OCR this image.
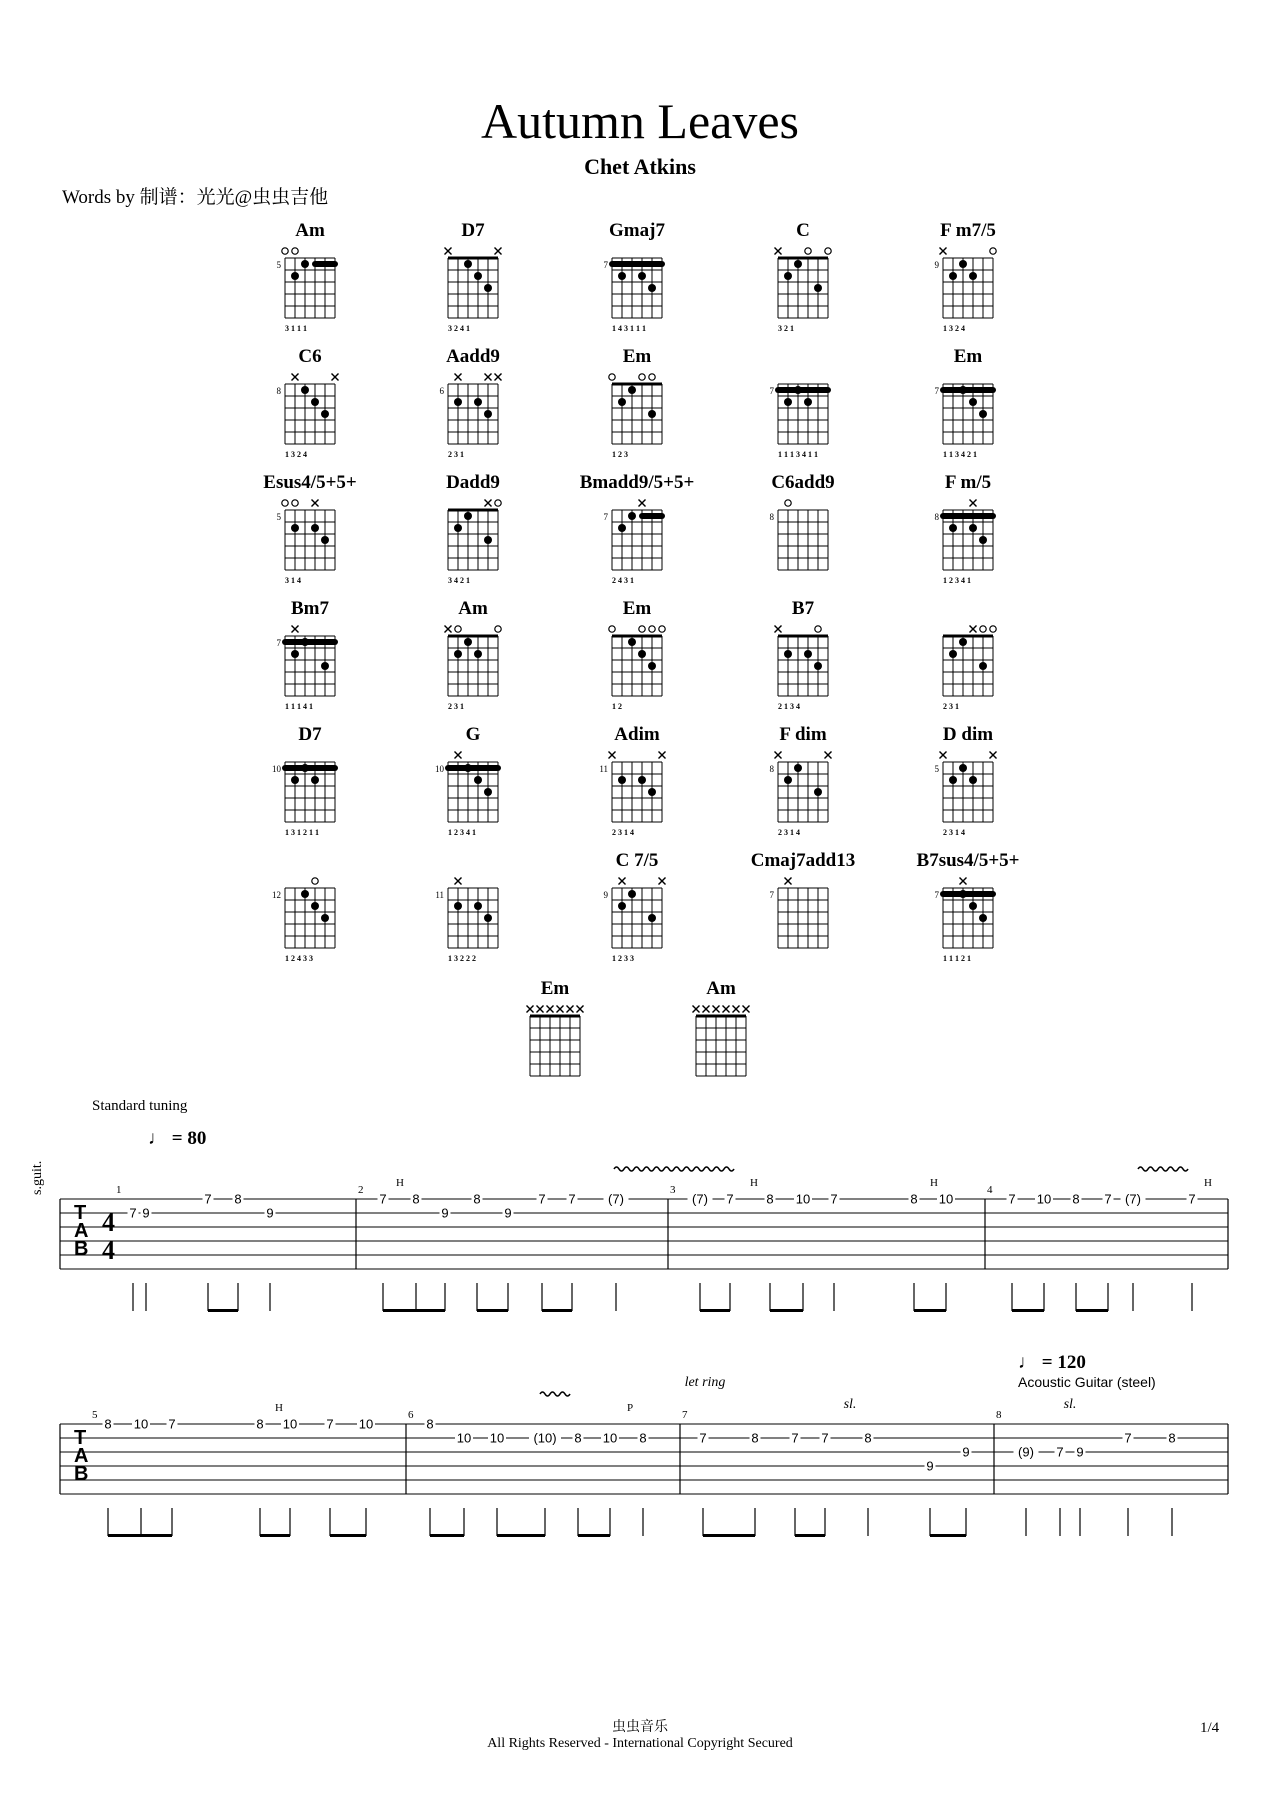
Autumn Leaves
Chet Atkins
Words by 制谱：光光@虫虫吉他
Am
5
3 1 1 1
D7
3 2 4 1
Gmaj7
7
1 4 3 1 1 1
C
3 2 1
F m7/5
9
1 3 2 4
C6
8
1 3 2 4
Aadd9
6
2 3 1
Em
1 2 3
7
1 1 1 3 4 1 1
Em
7
1 1 3 4 2 1
Esus4/5+5+
5
3 1 4
Dadd9
3 4 2 1
Bmadd9/5+5+
7
2 4 3 1
C6add9
8
F m/5
8
1 2 3 4 1
Bm7
7
1 1 1 4 1
Am
2 3 1
Em
1 2
B7
2 1 3 4	2 3 1
D7
10
1 3 1 2 1 1
G
10
1 2 3 4 1
Adim
11
2 3 1 4
F dim
8
2 3 1 4
D dim
5
2 3 1 4
12
1 2 4 3 3
11
1 3 2 2 2
C 7/5
9
1 2 3 3
Cmaj7add13
7
B7sus4/5+5+
7
1 1 1 2 1
Em	Am
Standard tuning
♩ = 80
♩ = 120
Acoustic Guitar (steel)
s.guit.
T
A
B
T
A
B
4
4
1	2	3	4
5	6	7	8
7 9
7 8
9
7 8
9
8
9
7 7 (7)	(7) 7	8 10 7	8 10	7 10 8 7 (7)	7
8 10 7	8 10 7 10	8
10 10 (10) 8 10 8	7	8	7 7	8
9
9	(9) 7 9
7	8
H	H	H	H
H	P
let ring
sl.	sl.
虫虫音乐
All Rights Reserved - International Copyright Secured
1/4
